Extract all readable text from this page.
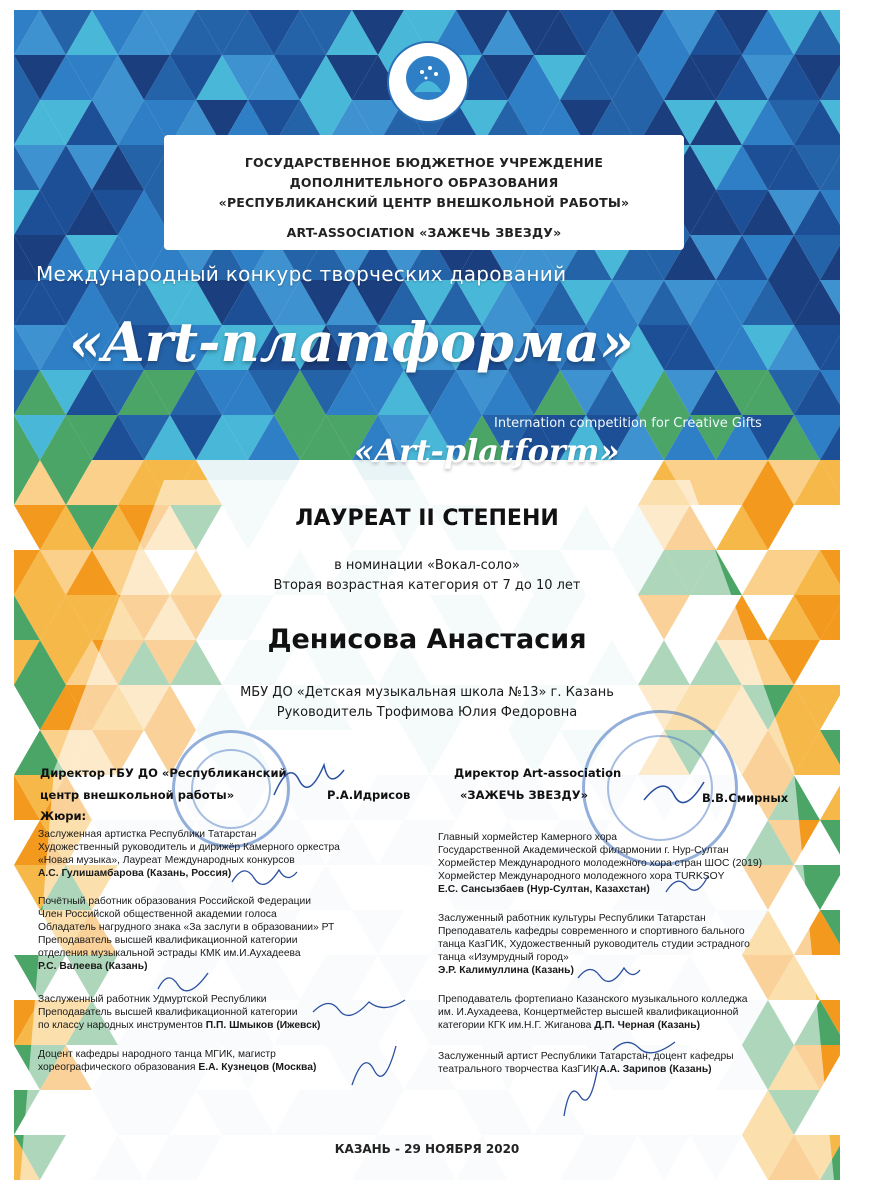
ГОСУДАРСТВЕННОЕ БЮДЖЕТНОЕ УЧРЕЖДЕНИЕ
ДОПОЛНИТЕЛЬНОГО ОБРАЗОВАНИЯ
«РЕСПУБЛИКАНСКИЙ ЦЕНТР ВНЕШКОЛЬНОЙ РАБОТЫ»
ART-ASSOCIATION «ЗАЖЕЧЬ ЗВЕЗДУ»
Международный конкурс творческих дарований
«Art-платформа»
Internation competition for Creative Gifts
«Art-platform»
ЛАУРЕАТ II СТЕПЕНИ
в номинации «Вокал-соло»
Вторая возрастная категория от 7 до 10 лет
Денисова Анастасия
МБУ ДО «Детская музыкальная школа №13» г. Казань
Руководитель Трофимова Юлия Федоровна
Директор ГБУ ДО «Республиканский
центр внешкольной работы»	Р.А.Идрисов
Директор Art-association
«ЗАЖЕЧЬ ЗВЕЗДУ»	В.В.Смирных
Жюри:
Заслуженная артистка Республики Татарстан
Художественный руководитель и дирижёр Камерного оркестра
«Новая музыка», Лауреат Международных конкурсов
А.С. Гулишамбарова (Казань, Россия)
Почётный работник образования Российской Федерации
Член Российской общественной академии голоса
Обладатель нагрудного знака «За заслуги в образовании» РТ
Преподаватель высшей квалификационной категории
отделения музыкальной эстрады КМК им.И.Аухадеева
Р.С. Валеева (Казань)
Заслуженный работник Удмуртской Республики
Преподаватель высшей квалификационной категории
по классу народных инструментов П.П. Шмыков (Ижевск)
Доцент кафедры народного танца МГИК, магистр
хореографического образования Е.А. Кузнецов (Москва)
Главный хормейстер Камерного хора
Государственной Академической филармонии г. Нур-Султан
Хормейстер Международного молодежного хора стран ШОС (2019)
Хормейстер Международного молодежного хора TURKSOY
Е.С. Сансызбаев (Нур-Султан, Казахстан)
Заслуженный работник культуры Республики Татарстан
Преподаватель кафедры современного и спортивного бального
танца КазГИК, Художественный руководитель студии эстрадного
танца «Изумрудный город»
Э.Р. Калимуллина (Казань)
Преподаватель фортепиано Казанского музыкального колледжа
им. И.Аухадеева, Концертмейстер высшей квалификационной
категории КГК им.Н.Г. Жиганова Д.П. Черная (Казань)
Заслуженный артист Республики Татарстан, доцент кафедры
театрального творчества КазГИК А.А. Зарипов (Казань)
КАЗАНЬ - 29 НОЯБРЯ 2020
